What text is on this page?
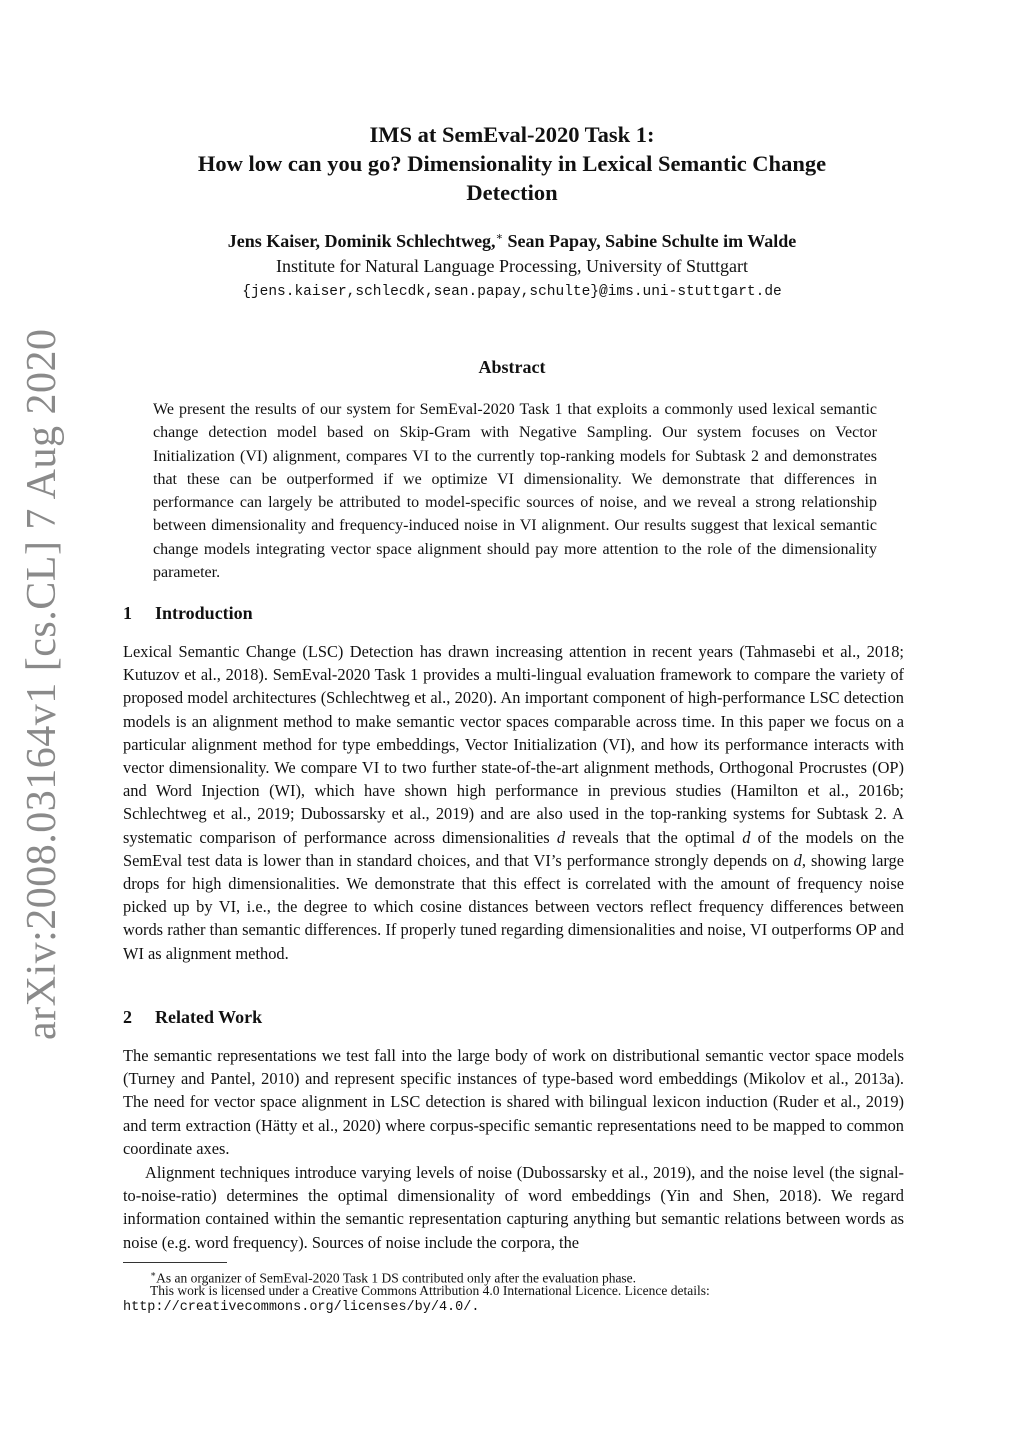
arXiv:2008.03164v1 [cs.CL] 7 Aug 2020
IMS at SemEval-2020 Task 1:
How low can you go? Dimensionality in Lexical Semantic Change
Detection
Jens Kaiser, Dominik Schlechtweg,∗ Sean Papay, Sabine Schulte im Walde
Institute for Natural Language Processing, University of Stuttgart
{jens.kaiser,schlecdk,sean.papay,schulte}@ims.uni-stuttgart.de
Abstract
We present the results of our system for SemEval-2020 Task 1 that exploits a commonly used lexical semantic change detection model based on Skip-Gram with Negative Sampling. Our system focuses on Vector Initialization (VI) alignment, compares VI to the currently top-ranking models for Subtask 2 and demonstrates that these can be outperformed if we optimize VI dimensionality. We demonstrate that differences in performance can largely be attributed to model-specific sources of noise, and we reveal a strong relationship between dimensionality and frequency-induced noise in VI alignment. Our results suggest that lexical semantic change models integrating vector space alignment should pay more attention to the role of the dimensionality parameter.
1 Introduction
Lexical Semantic Change (LSC) Detection has drawn increasing attention in recent years (Tahmasebi et al., 2018; Kutuzov et al., 2018). SemEval-2020 Task 1 provides a multi-lingual evaluation framework to compare the variety of proposed model architectures (Schlechtweg et al., 2020). An important component of high-performance LSC detection models is an alignment method to make semantic vector spaces comparable across time. In this paper we focus on a particular alignment method for type embeddings, Vector Initialization (VI), and how its performance interacts with vector dimensionality. We compare VI to two further state-of-the-art alignment methods, Orthogonal Procrustes (OP) and Word Injection (WI), which have shown high performance in previous studies (Hamilton et al., 2016b; Schlechtweg et al., 2019; Dubossarsky et al., 2019) and are also used in the top-ranking systems for Subtask 2. A systematic comparison of performance across dimensionalities d reveals that the optimal d of the models on the SemEval test data is lower than in standard choices, and that VI’s performance strongly depends on d, showing large drops for high dimensionalities. We demonstrate that this effect is correlated with the amount of frequency noise picked up by VI, i.e., the degree to which cosine distances between vectors reflect frequency differences between words rather than semantic differences. If properly tuned regarding dimensionalities and noise, VI outperforms OP and WI as alignment method.
2 Related Work
The semantic representations we test fall into the large body of work on distributional semantic vector space models (Turney and Pantel, 2010) and represent specific instances of type-based word embeddings (Mikolov et al., 2013a). The need for vector space alignment in LSC detection is shared with bilingual lexicon induction (Ruder et al., 2019) and term extraction (Hätty et al., 2020) where corpus-specific semantic representations need to be mapped to common coordinate axes.
Alignment techniques introduce varying levels of noise (Dubossarsky et al., 2019), and the noise level (the signal-to-noise-ratio) determines the optimal dimensionality of word embeddings (Yin and Shen, 2018). We regard information contained within the semantic representation capturing anything but semantic relations between words as noise (e.g. word frequency). Sources of noise include the corpora, the
∗As an organizer of SemEval-2020 Task 1 DS contributed only after the evaluation phase.
This work is licensed under a Creative Commons Attribution 4.0 International Licence. Licence details:
http://creativecommons.org/licenses/by/4.0/.
